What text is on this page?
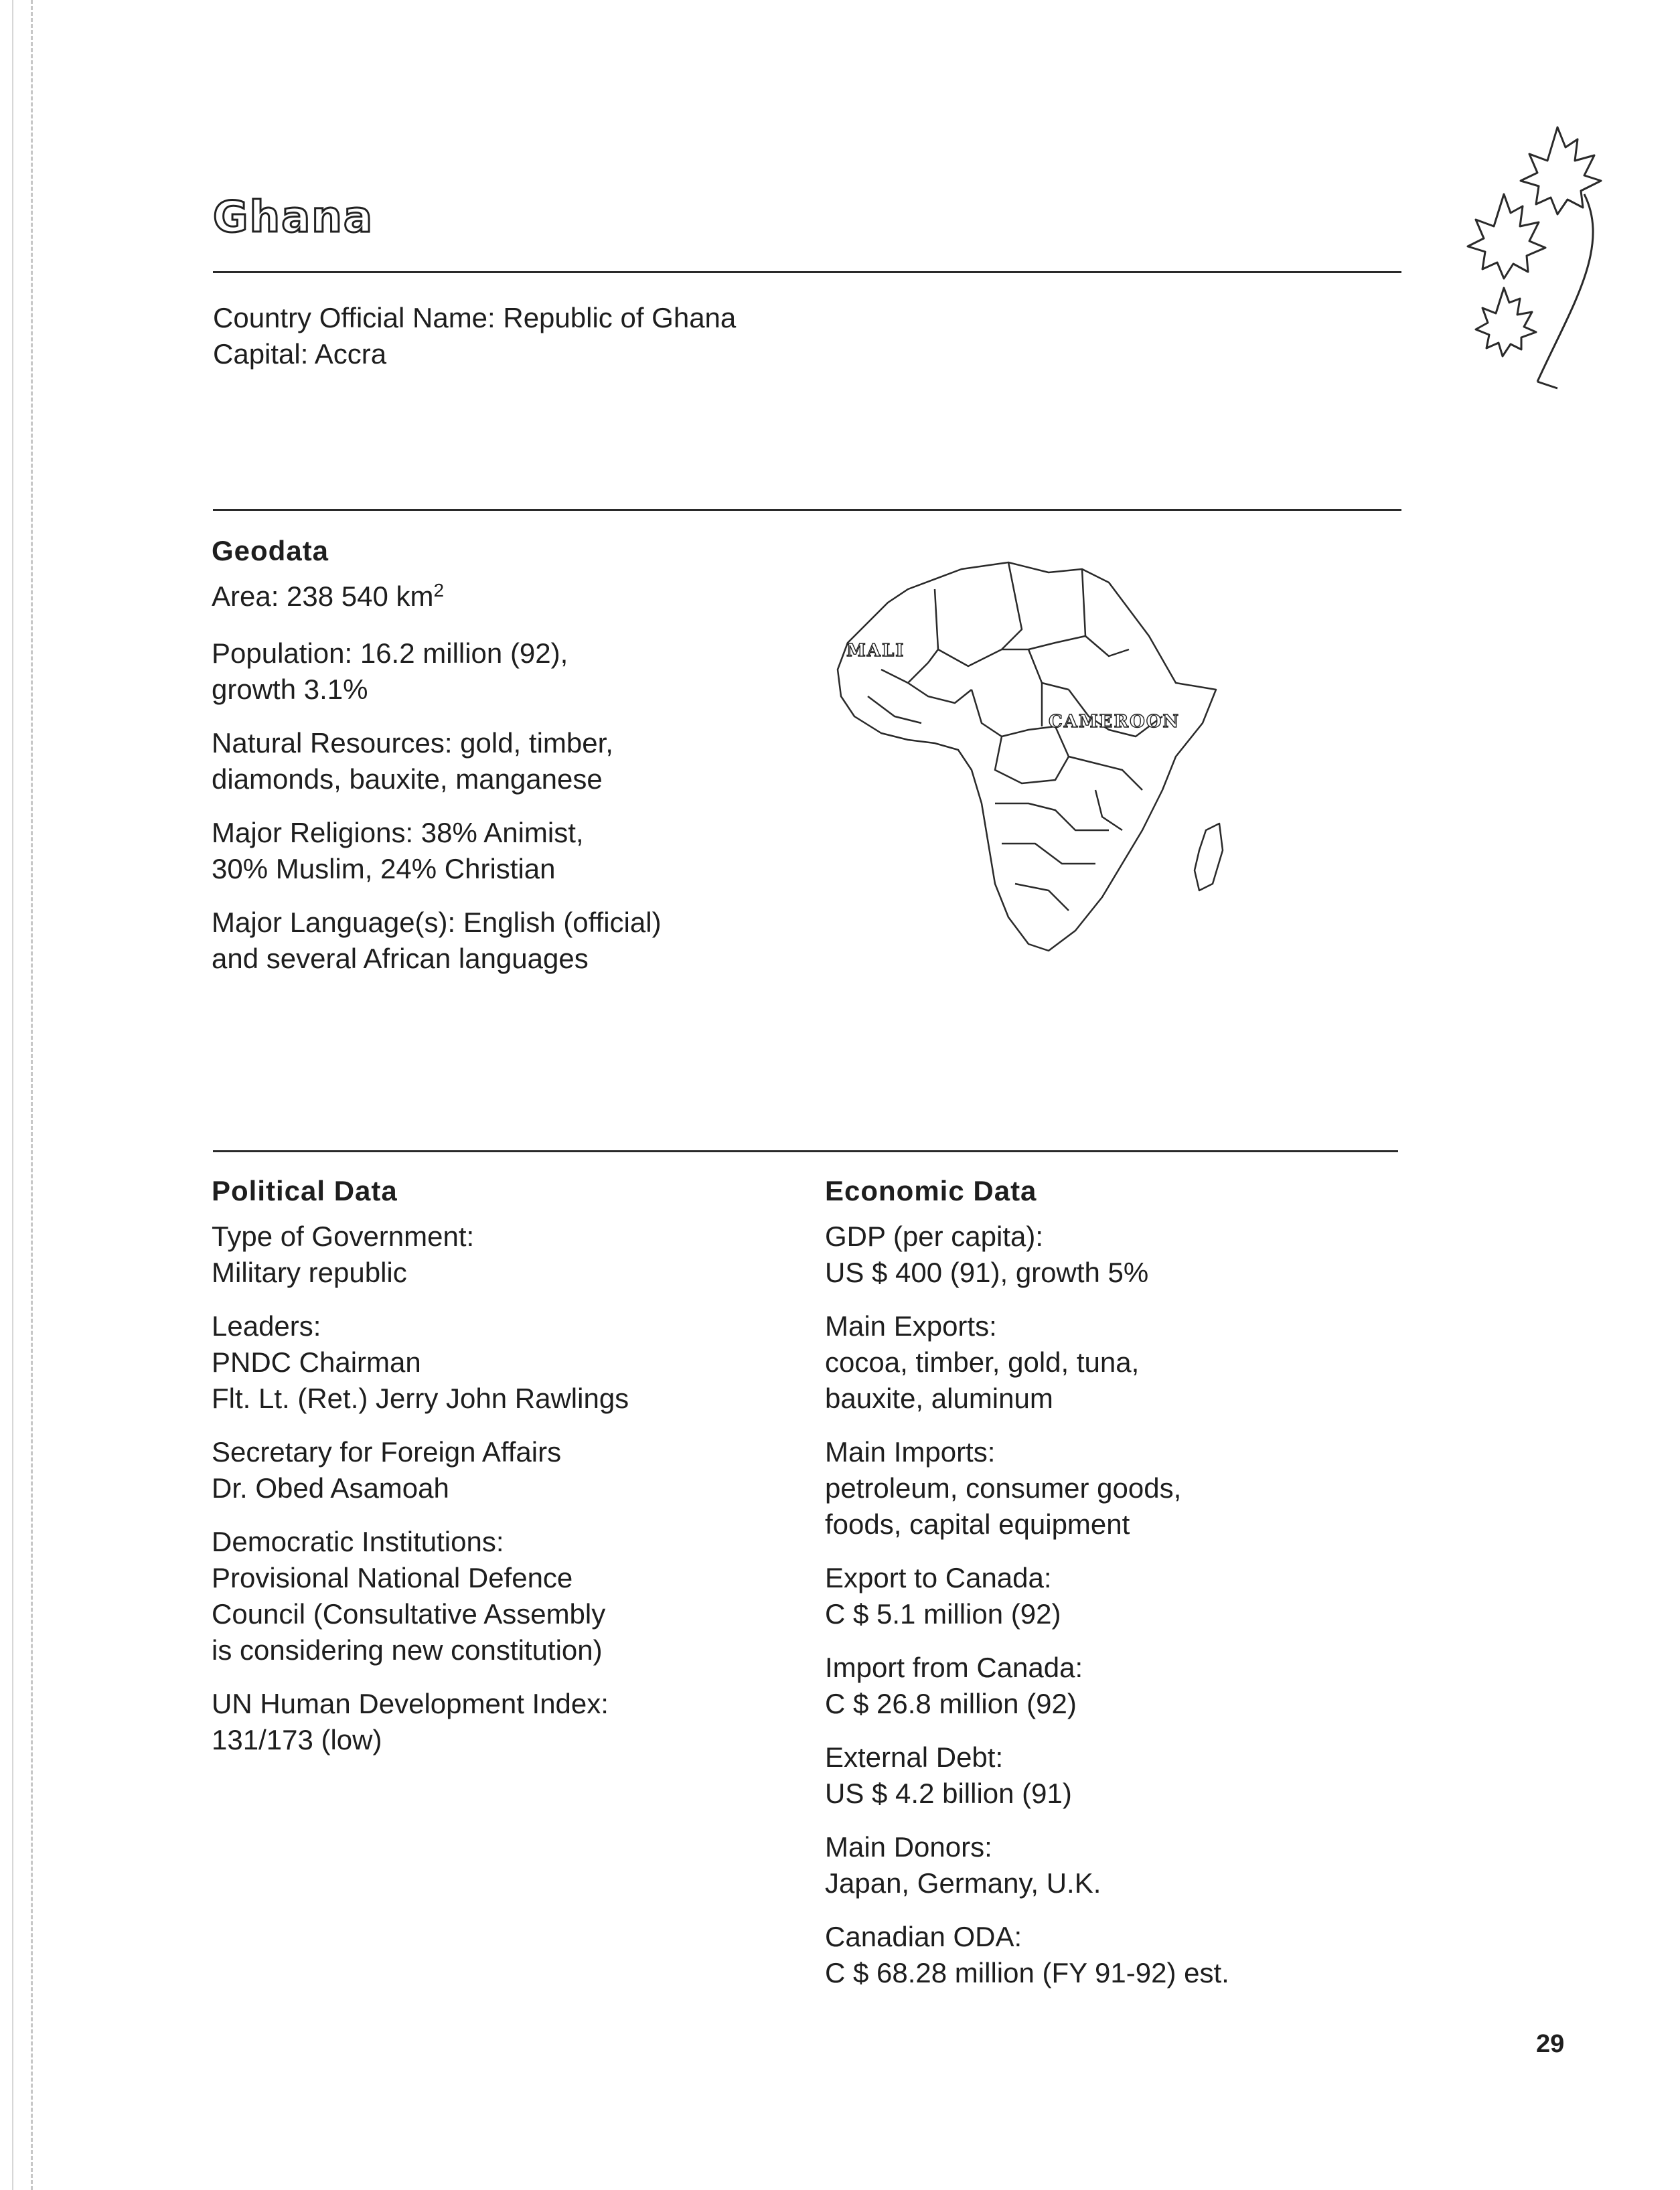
Ghana
Country Official Name: Republic of Ghana
Capital: Accra
Geodata
Area: 238 540 $km^2$
Population: 16.2 million (92),
growth 3.1%
Natural Resources: gold, timber,
diamonds, bauxite, manganese
Major Religions: 38% Animist,
30% Muslim, 24% Christian
Major Language(s): English (official)
and several African languages
MALI
CAMEROON
Political Data
Type of Government:
Military republic
Leaders:
PNDC Chairman
Flt. Lt. (Ret.) Jerry John Rawlings
Secretary for Foreign Affairs
Dr. Obed Asamoah
Democratic Institutions:
Provisional National Defence
Council (Consultative Assembly
is considering new constitution)
UN Human Development Index:
131/173 (low)
Economic Data
GDP (per capita):
US $ 400 (91), growth 5%
Main Exports:
cocoa, timber, gold, tuna,
bauxite, aluminum
Main Imports:
petroleum, consumer goods,
foods, capital equipment
Export to Canada:
C $ 5.1 million (92)
Import from Canada:
C $ 26.8 million (92)
External Debt:
US $ 4.2 billion (91)
Main Donors:
Japan, Germany, U.K.
Canadian ODA:
C $ 68.28 million (FY 91-92) est.
29
